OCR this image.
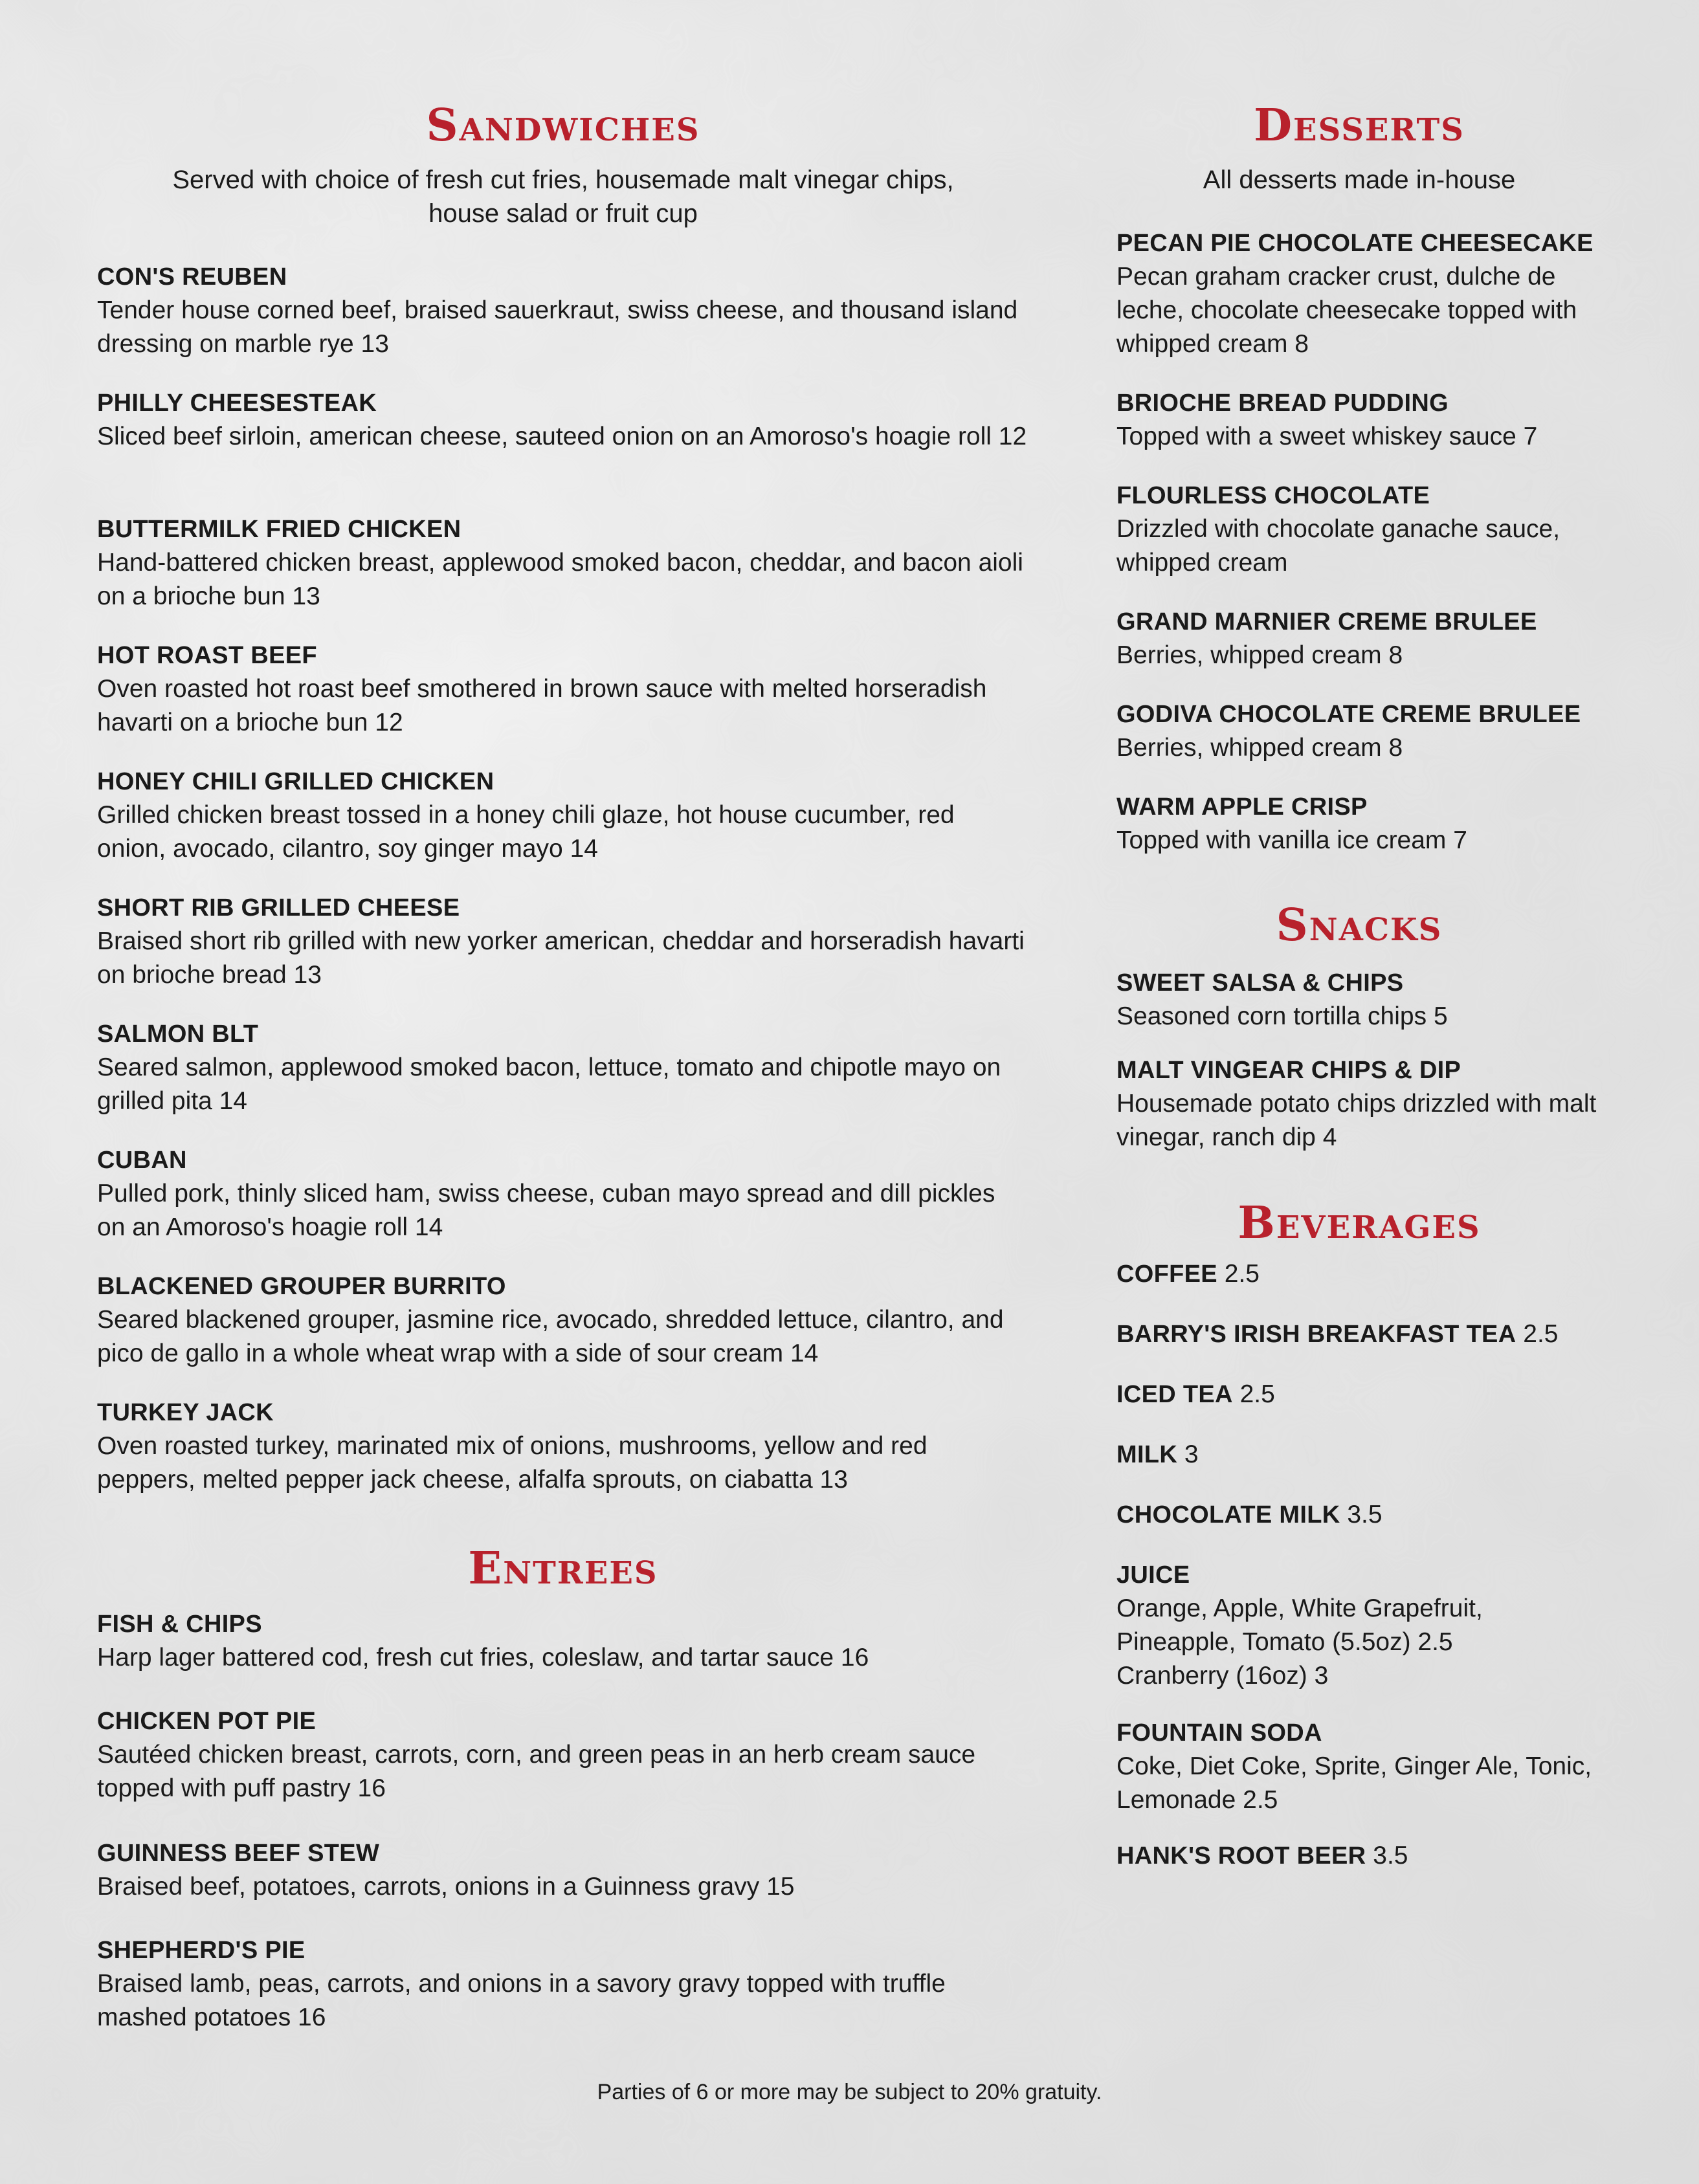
Sandwiches
Served with choice of fresh cut fries, housemade malt vinegar chips,
house salad or fruit cup
CON'S REUBEN
Tender house corned beef, braised sauerkraut, swiss cheese, and thousand island dressing on marble rye 13
PHILLY CHEESESTEAK
Sliced beef sirloin, american cheese, sauteed onion on an Amoroso's hoagie roll 12
BUTTERMILK FRIED CHICKEN
Hand-battered chicken breast, applewood smoked bacon, cheddar, and bacon aioli on a brioche bun 13
HOT ROAST BEEF
Oven roasted hot roast beef smothered in brown sauce with melted horseradish havarti on a brioche bun 12
HONEY CHILI GRILLED CHICKEN
Grilled chicken breast tossed in a honey chili glaze, hot house cucumber, red onion, avocado, cilantro, soy ginger mayo 14
SHORT RIB GRILLED CHEESE
Braised short rib grilled with new yorker american, cheddar and horseradish havarti on brioche bread 13
SALMON BLT
Seared salmon, applewood smoked bacon, lettuce, tomato and chipotle mayo on grilled pita 14
CUBAN
Pulled pork, thinly sliced ham, swiss cheese, cuban mayo spread and dill pickles on an Amoroso's hoagie roll 14
BLACKENED GROUPER BURRITO
Seared blackened grouper, jasmine rice, avocado, shredded lettuce, cilantro, and pico de gallo in a whole wheat wrap with a side of sour cream 14
TURKEY JACK
Oven roasted turkey, marinated mix of onions, mushrooms, yellow and red peppers, melted pepper jack cheese, alfalfa sprouts, on ciabatta 13
Entrees
FISH & CHIPS
Harp lager battered cod, fresh cut fries, coleslaw, and tartar sauce 16
CHICKEN POT PIE
Sautéed chicken breast, carrots, corn, and green peas in an herb cream sauce topped with puff pastry 16
GUINNESS BEEF STEW
Braised beef, potatoes, carrots, onions in a Guinness gravy 15
SHEPHERD'S PIE
Braised lamb, peas, carrots, and onions in a savory gravy topped with truffle mashed potatoes 16
Desserts
All desserts made in-house
PECAN PIE CHOCOLATE CHEESECAKE
Pecan graham cracker crust, dulche de leche, chocolate cheesecake topped with whipped cream 8
BRIOCHE BREAD PUDDING
Topped with a sweet whiskey sauce 7
FLOURLESS CHOCOLATE
Drizzled with chocolate ganache sauce, whipped cream
GRAND MARNIER CREME BRULEE
Berries, whipped cream 8
GODIVA CHOCOLATE CREME BRULEE
Berries, whipped cream 8
WARM APPLE CRISP
Topped with vanilla ice cream 7
Snacks
SWEET SALSA & CHIPS
Seasoned corn tortilla chips 5
MALT VINGEAR CHIPS & DIP
Housemade potato chips drizzled with malt vinegar, ranch dip 4
Beverages
COFFEE 2.5
BARRY'S IRISH BREAKFAST TEA 2.5
ICED TEA 2.5
MILK 3
CHOCOLATE MILK 3.5
JUICE
Orange, Apple, White Grapefruit,
Pineapple, Tomato (5.5oz) 2.5
Cranberry (16oz) 3
FOUNTAIN SODA
Coke, Diet Coke, Sprite, Ginger Ale, Tonic, Lemonade 2.5
HANK'S ROOT BEER 3.5
Parties of 6 or more may be subject to 20% gratuity.
